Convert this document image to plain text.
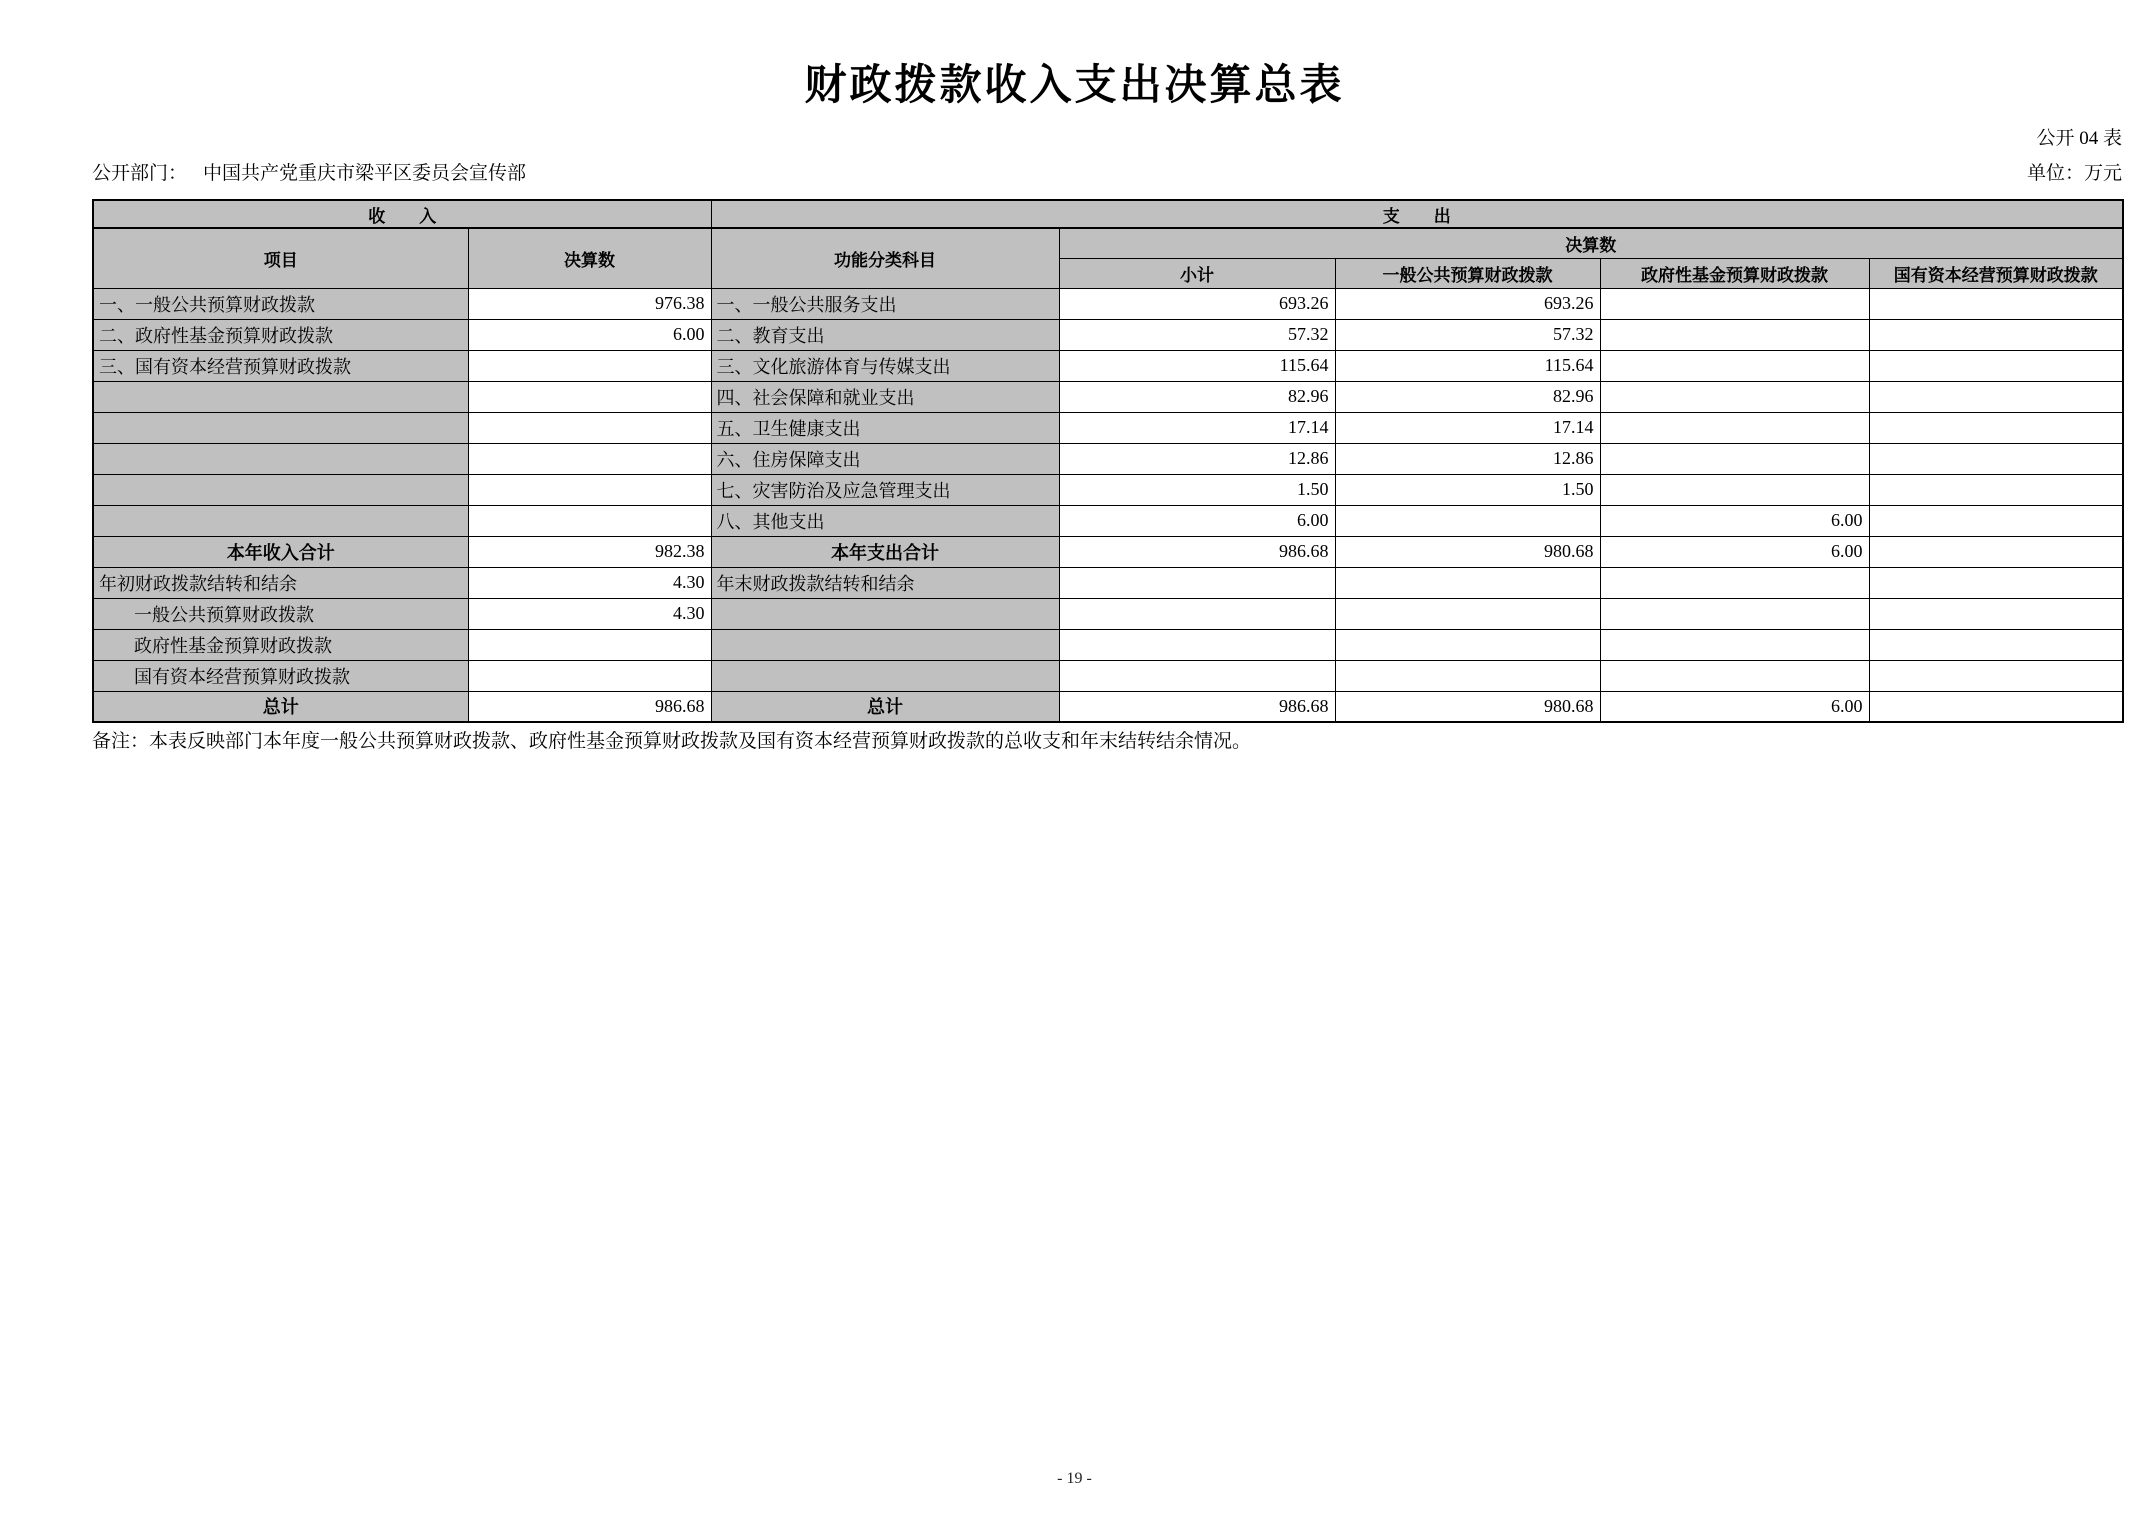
财政拨款收入支出决算总表
公开 04 表
公开部门： 中国共产党重庆市梁平区委员会宣传部	单位：万元
收　　入		支　　出				
项目	决算数	功能分类科目	决算数			
			小计	一般公共预算财政拨款	政府性基金预算财政拨款	国有资本经营预算财政拨款
一、一般公共预算财政拨款	976.38	一、一般公共服务支出	693.26	693.26		
二、政府性基金预算财政拨款	6.00	二、教育支出	57.32	57.32		
三、国有资本经营预算财政拨款		三、文化旅游体育与传媒支出	115.64	115.64		
		四、社会保障和就业支出	82.96	82.96		
		五、卫生健康支出	17.14	17.14		
		六、住房保障支出	12.86	12.86		
		七、灾害防治及应急管理支出	1.50	1.50		
		八、其他支出	6.00		6.00	
本年收入合计	982.38	本年支出合计	986.68	980.68	6.00	
年初财政拨款结转和结余	4.30	年末财政拨款结转和结余				
一般公共预算财政拨款	4.30					
政府性基金预算财政拨款						
国有资本经营预算财政拨款						
总计	986.68	总计	986.68	980.68	6.00	
备注：本表反映部门本年度一般公共预算财政拨款、政府性基金预算财政拨款及国有资本经营预算财政拨款的总收支和年末结转结余情况。
- 19 -
